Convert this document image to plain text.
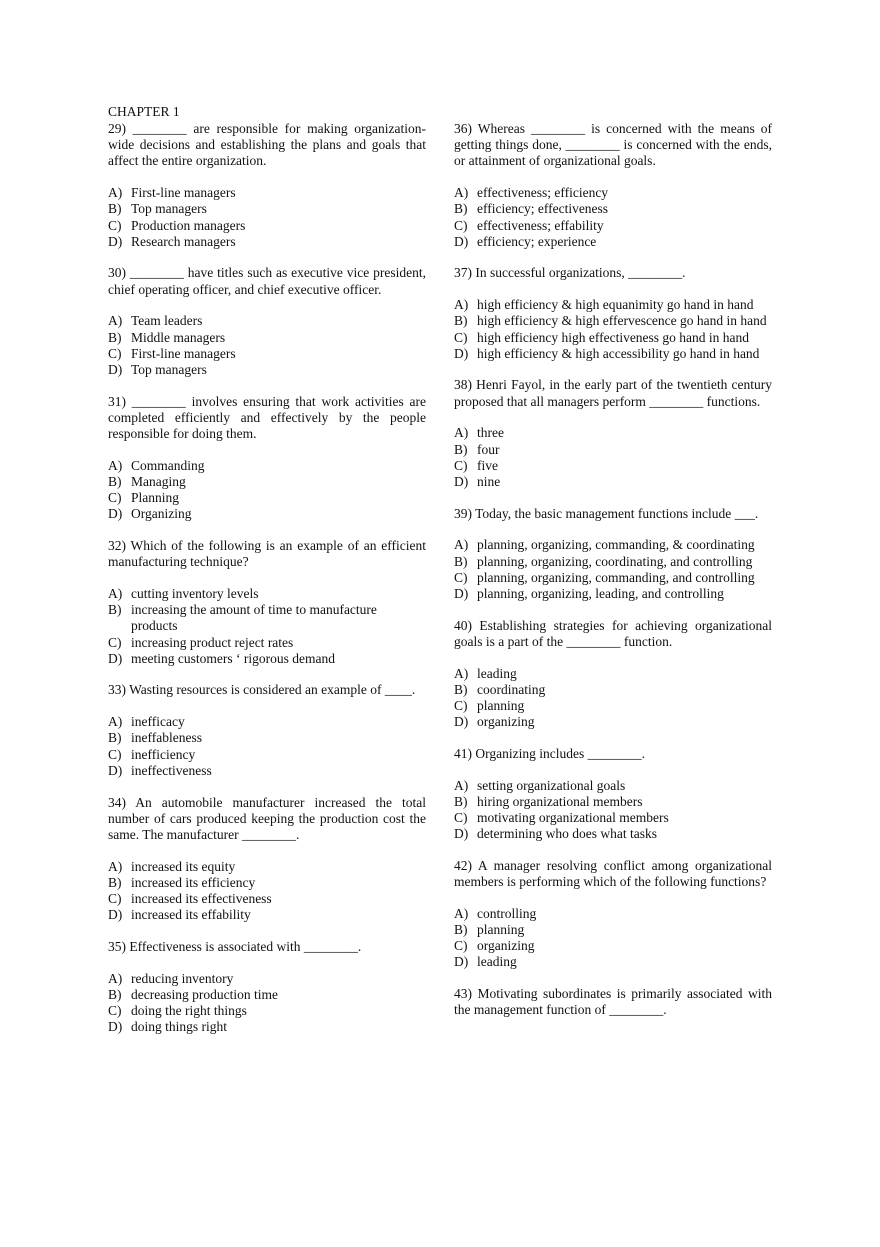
CHAPTER 1
29) ________ are responsible for making organization-wide decisions and establishing the plans and goals that affect the entire organization.
A) First-line managers
B) Top managers
C) Production managers
D) Research managers
30) ________ have titles such as executive vice president, chief operating officer, and chief executive officer.
A) Team leaders
B) Middle managers
C) First-line managers
D) Top managers
31) ________ involves ensuring that work activities are completed efficiently and effectively by the people responsible for doing them.
A) Commanding
B) Managing
C) Planning
D) Organizing
32) Which of the following is an example of an efficient manufacturing technique?
A) cutting inventory levels
B) increasing the amount of time to manufacture products
C) increasing product reject rates
D) meeting customers ‘ rigorous demand
33) Wasting resources is considered an example of ____.
A) inefficacy
B) ineffableness
C) inefficiency
D) ineffectiveness
34) An automobile manufacturer increased the total number of cars produced keeping the production cost the same. The manufacturer ________.
A) increased its equity
B) increased its efficiency
C) increased its effectiveness
D) increased its effability
35) Effectiveness is associated with ________.
A) reducing inventory
B) decreasing production time
C) doing the right things
D) doing things right
36) Whereas ________ is concerned with the means of getting things done, ________ is concerned with the ends, or attainment of organizational goals.
A) effectiveness; efficiency
B) efficiency; effectiveness
C) effectiveness; effability
D) efficiency; experience
37) In successful organizations, ________.
A) high efficiency & high equanimity go hand in hand
B) high efficiency & high effervescence go hand in hand
C) high efficiency high effectiveness go hand in hand
D) high efficiency & high accessibility go hand in hand
38) Henri Fayol, in the early part of the twentieth century proposed that all managers perform ________ functions.
A) three
B) four
C) five
D) nine
39) Today, the basic management functions include ___.
A) planning, organizing, commanding, & coordinating
B) planning, organizing, coordinating, and controlling
C) planning, organizing, commanding, and controlling
D) planning, organizing, leading, and controlling
40) Establishing strategies for achieving organizational goals is a part of the ________ function.
A) leading
B) coordinating
C) planning
D) organizing
41) Organizing includes ________.
A) setting organizational goals
B) hiring organizational members
C) motivating organizational members
D) determining who does what tasks
42) A manager resolving conflict among organizational members is performing which of the following functions?
A) controlling
B) planning
C) organizing
D) leading
43) Motivating subordinates is primarily associated with the management function of ________.
